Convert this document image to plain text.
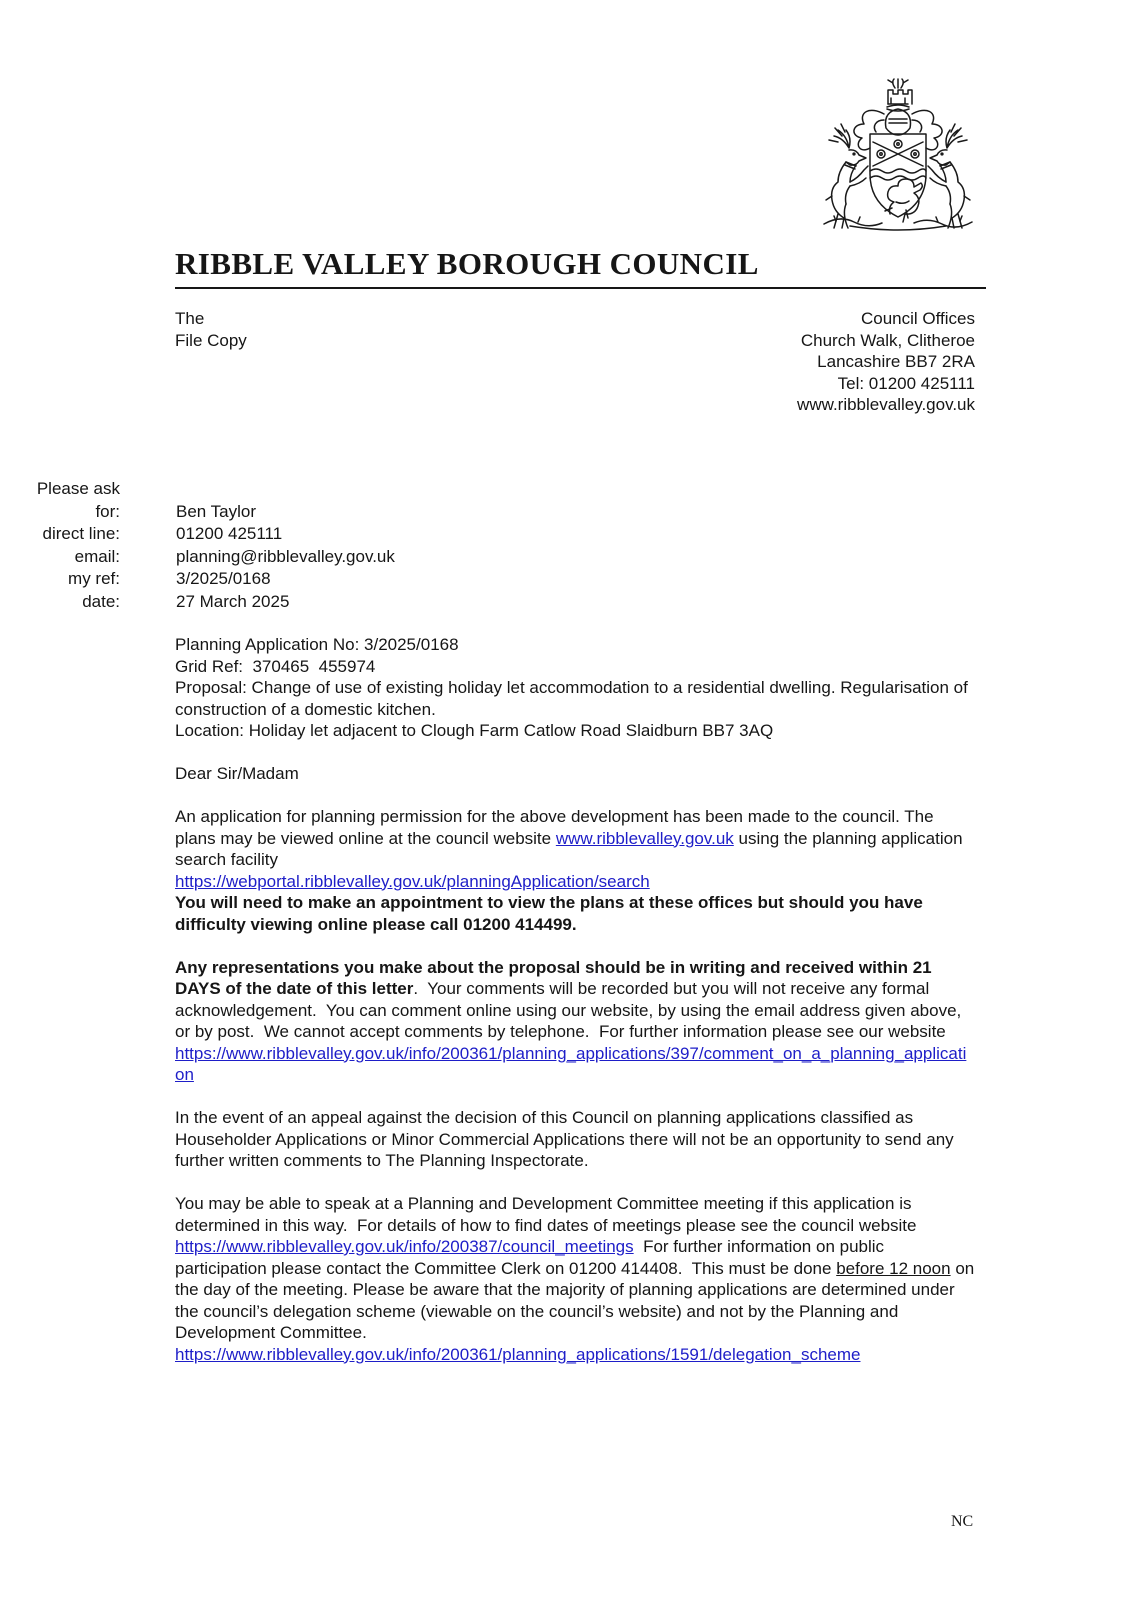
RIBBLE VALLEY BOROUGH COUNCIL
The
File Copy
Council Offices
Church Walk, Clitheroe
Lancashire BB7 2RA
Tel: 01200 425111
www.ribblevalley.gov.uk
Please ask
for:	Ben Taylor
direct line:	01200 425111
email:	planning@ribblevalley.gov.uk
my ref:	3/2025/0168
date:	27 March 2025

Planning Application No: 3/2025/0168
Grid Ref:  370465  455974
Proposal: Change of use of existing holiday let accommodation to a residential dwelling. Regularisation of construction of a domestic kitchen.
Location: Holiday let adjacent to Clough Farm Catlow Road Slaidburn BB7 3AQ

Dear Sir/Madam

An application for planning permission for the above development has been made to the council. The plans may be viewed online at the council website www.ribblevalley.gov.uk using the planning application search facility
https://webportal.ribblevalley.gov.uk/planningApplication/search
You will need to make an appointment to view the plans at these offices but should you have difficulty viewing online please call 01200 414499.

Any representations you make about the proposal should be in writing and received within 21 DAYS of the date of this letter.  Your comments will be recorded but you will not receive any formal acknowledgement.  You can comment online using our website, by using the email address given above, or by post.  We cannot accept comments by telephone.  For further information please see our website
https://www.ribblevalley.gov.uk/info/200361/planning_applications/397/comment_on_a_planning_application

In the event of an appeal against the decision of this Council on planning applications classified as Householder Applications or Minor Commercial Applications there will not be an opportunity to send any further written comments to The Planning Inspectorate.

You may be able to speak at a Planning and Development Committee meeting if this application is determined in this way.  For details of how to find dates of meetings please see the council website https://www.ribblevalley.gov.uk/info/200387/council_meetings  For further information on public participation please contact the Committee Clerk on 01200 414408.  This must be done before 12 noon on the day of the meeting. Please be aware that the majority of planning applications are determined under the council’s delegation scheme (viewable on the council’s website) and not by the Planning and Development Committee.
https://www.ribblevalley.gov.uk/info/200361/planning_applications/1591/delegation_scheme

NC
